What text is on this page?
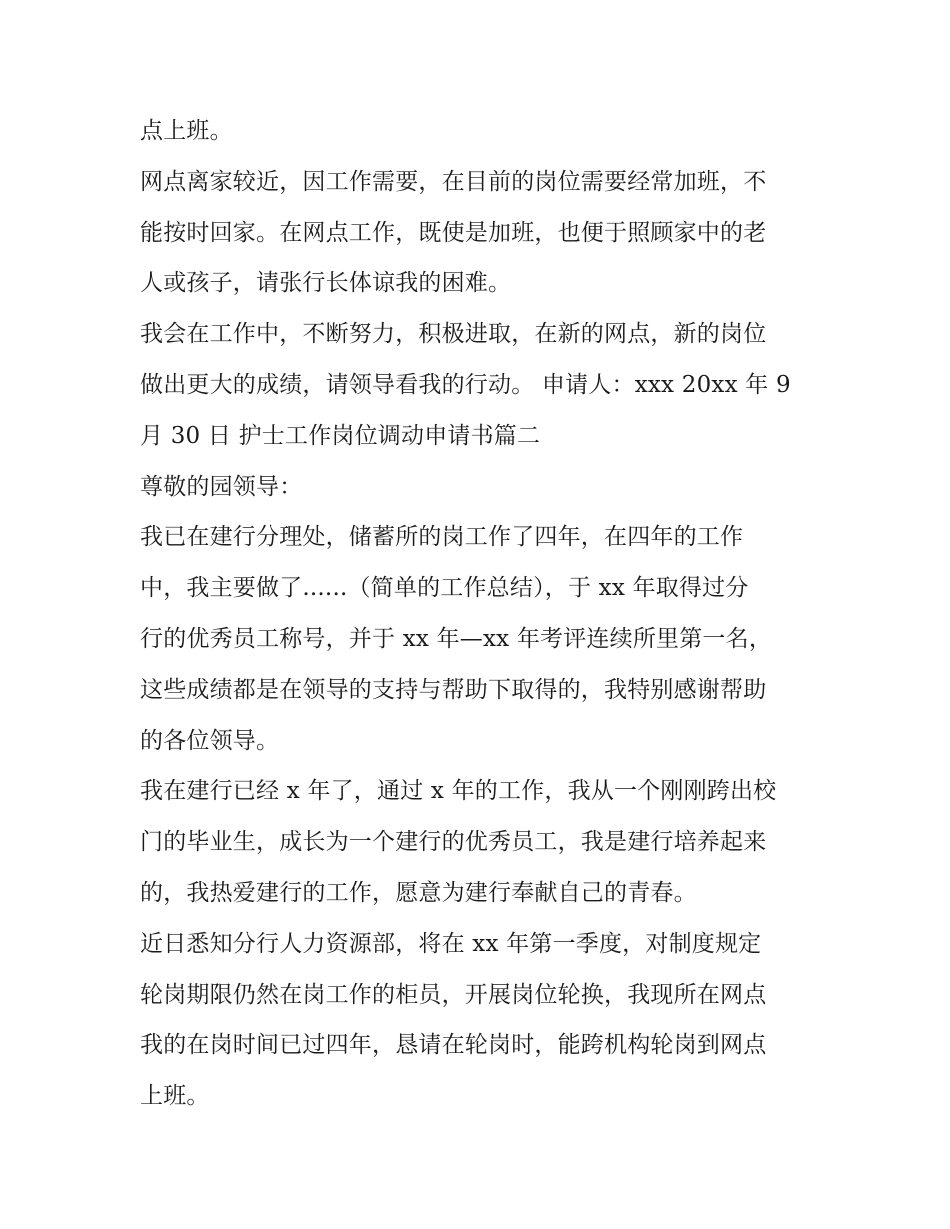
点上班。
网点离家较近，因工作需要，在目前的岗位需要经常加班，不
能按时回家。在网点工作，既使是加班，也便于照顾家中的老
人或孩子，请张行长体谅我的困难。
我会在工作中，不断努力，积极进取，在新的网点，新的岗位
做出更大的成绩，请领导看我的行动。 申请人：xxx 20xx 年 9
月 30 日 护士工作岗位调动申请书篇二
尊敬的园领导：
我已在建行分理处，储蓄所的岗工作了四年，在四年的工作
中，我主要做了......（简单的工作总结），于 xx 年取得过分
行的优秀员工称号，并于 xx 年—xx 年考评连续所里第一名，
这些成绩都是在领导的支持与帮助下取得的，我特别感谢帮助
的各位领导。
我在建行已经 x 年了，通过 x 年的工作，我从一个刚刚跨出校
门的毕业生，成长为一个建行的优秀员工，我是建行培养起来
的，我热爱建行的工作，愿意为建行奉献自己的青春。
近日悉知分行人力资源部，将在 xx 年第一季度，对制度规定
轮岗期限仍然在岗工作的柜员，开展岗位轮换，我现所在网点
我的在岗时间已过四年，恳请在轮岗时，能跨机构轮岗到网点
上班。
